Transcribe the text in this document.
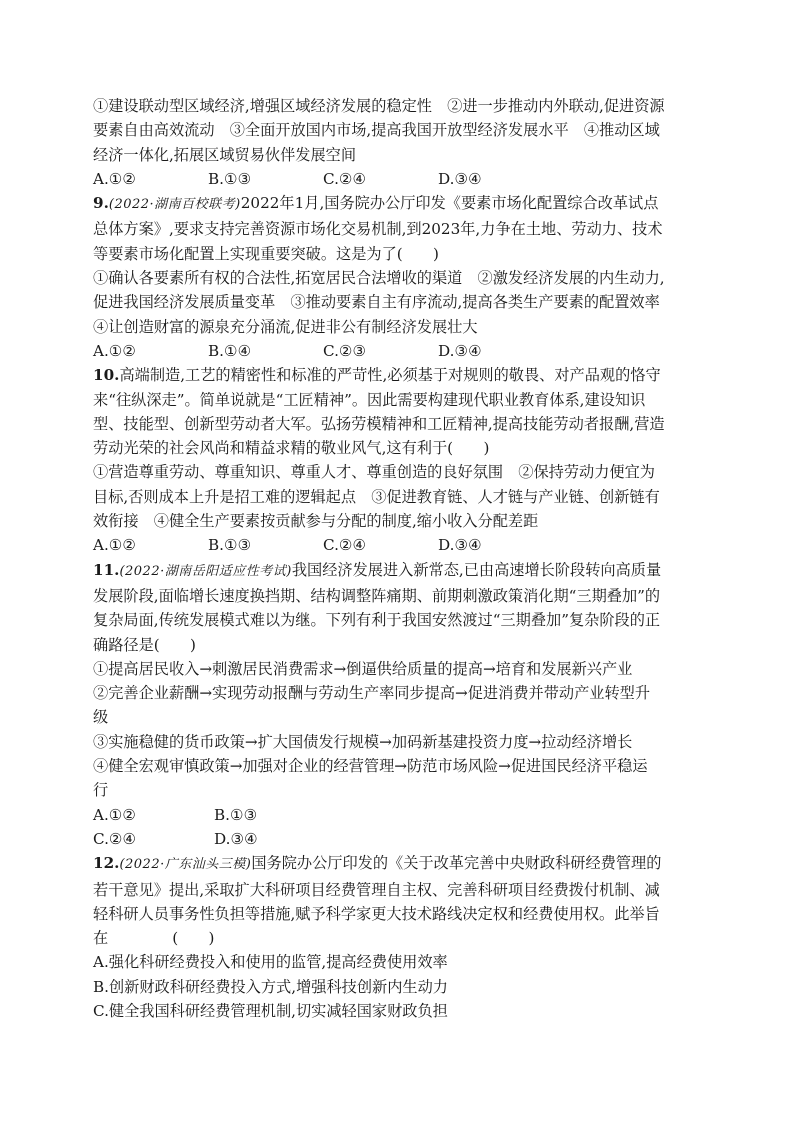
①建设联动型区域经济,增强区域经济发展的稳定性　②进一步推动内外联动,促进资源
要素自由高效流动　③全面开放国内市场,提高我国开放型经济发展水平　④推动区域
经济一体化,拓展区域贸易伙伴发展空间
A.①②	B.①③	C.②④	D.③④
9.(2022·湖南百校联考)2022年1月,国务院办公厅印发《要素市场化配置综合改革试点
总体方案》,要求支持完善资源市场化交易机制,到2023年,力争在土地、劳动力、技术
等要素市场化配置上实现重要突破。这是为了(　　)
①确认各要素所有权的合法性,拓宽居民合法增收的渠道　②激发经济发展的内生动力,
促进我国经济发展质量变革　③推动要素自主有序流动,提高各类生产要素的配置效率
④让创造财富的源泉充分涌流,促进非公有制经济发展壮大
A.①②	B.①④	C.②③	D.③④
10.高端制造,工艺的精密性和标准的严苛性,必须基于对规则的敬畏、对产品观的恪守
来“往纵深走”。简单说就是“工匠精神”。因此需要构建现代职业教育体系,建设知识
型、技能型、创新型劳动者大军。弘扬劳模精神和工匠精神,提高技能劳动者报酬,营造
劳动光荣的社会风尚和精益求精的敬业风气,这有利于(　　)
①营造尊重劳动、尊重知识、尊重人才、尊重创造的良好氛围　②保持劳动力便宜为
目标,否则成本上升是招工难的逻辑起点　③促进教育链、人才链与产业链、创新链有
效衔接　④健全生产要素按贡献参与分配的制度,缩小收入分配差距
A.①②	B.①③	C.②④	D.③④
11.(2022·湖南岳阳适应性考试)我国经济发展进入新常态,已由高速增长阶段转向高质量
发展阶段,面临增长速度换挡期、结构调整阵痛期、前期刺激政策消化期“三期叠加”的
复杂局面,传统发展模式难以为继。下列有利于我国安然渡过“三期叠加”复杂阶段的正
确路径是(　　)
①提高居民收入→刺激居民消费需求→倒逼供给质量的提高→培育和发展新兴产业
②完善企业薪酬→实现劳动报酬与劳动生产率同步提高→促进消费并带动产业转型升
级
③实施稳健的货币政策→扩大国债发行规模→加码新基建投资力度→拉动经济增长
④健全宏观审慎政策→加强对企业的经营管理→防范市场风险→促进国民经济平稳运
行
A.①②	B.①③
C.②④	D.③④
12.(2022·广东汕头三模)国务院办公厅印发的《关于改革完善中央财政科研经费管理的
若干意见》提出,采取扩大科研项目经费管理自主权、完善科研项目经费拨付机制、减
轻科研人员事务性负担等措施,赋予科学家更大技术路线决定权和经费使用权。此举旨
在	(　　)
A.强化科研经费投入和使用的监管,提高经费使用效率
B.创新财政科研经费投入方式,增强科技创新内生动力
C.健全我国科研经费管理机制,切实减轻国家财政负担
